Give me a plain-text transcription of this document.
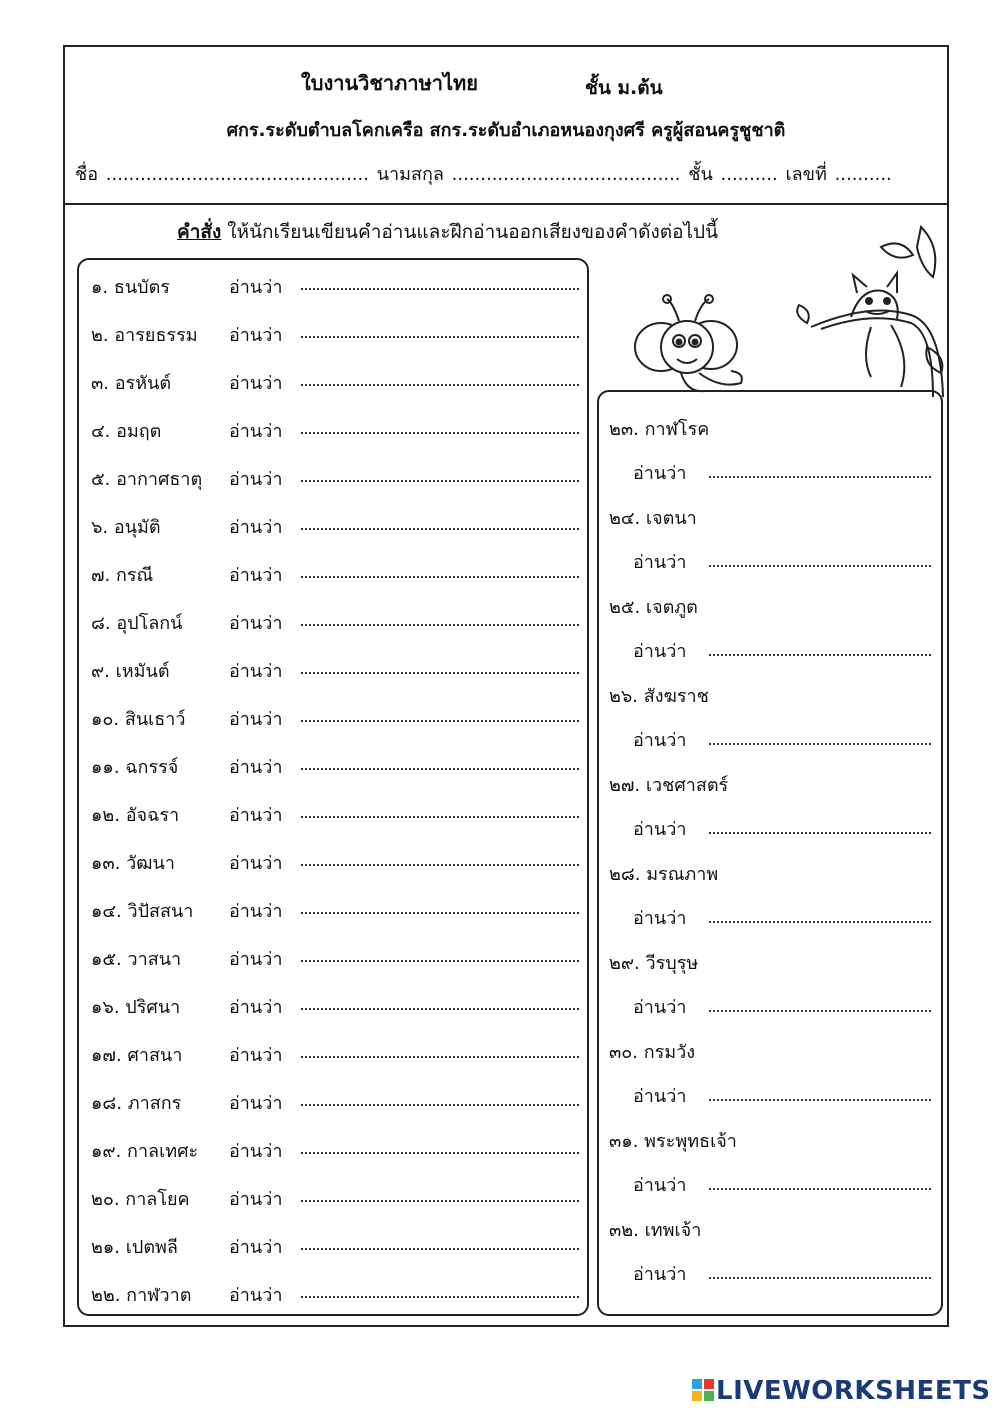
ใบงานวิชาภาษาไทย	ชั้น ม.ต้น
ศกร.ระดับตำบลโคกเครือ สกร.ระดับอำเภอหนองกุงศรี ครูผู้สอนครูชูชาติ
ชื่อ .............................................. นามสกุล ........................................ ชั้น .......... เลขที่ ..........
คำสั่ง ให้นักเรียนเขียนคำอ่านและฝึกอ่านออกเสียงของคำดังต่อไปนี้
๑. ธนบัตร	อ่านว่า
๒. อารยธรรม อ่านว่า
๓. อรหันต์	อ่านว่า
๔. อมฤต	อ่านว่า
๕. อากาศธาตุ อ่านว่า
๖. อนุมัติ	อ่านว่า
๗. กรณี	อ่านว่า
๘. อุปโลกน์	อ่านว่า
๙. เหมันต์	อ่านว่า
๑๐. สินเธาว์ อ่านว่า
๑๑. ฉกรรจ์	อ่านว่า
๑๒. อัจฉรา	อ่านว่า
๑๓. วัฒนา	อ่านว่า
๑๔. วิปัสสนา อ่านว่า
๑๕. วาสนา	อ่านว่า
๑๖. ปริศนา	อ่านว่า
๑๗. ศาสนา	อ่านว่า
๑๘. ภาสกร	อ่านว่า
๑๙. กาลเทศะ อ่านว่า
๒๐. กาลโยค อ่านว่า
๒๑. เปตพลี	อ่านว่า
๒๒. กาฬวาต อ่านว่า
๒๓. กาฬโรค
อ่านว่า
๒๔. เจตนา
อ่านว่า
๒๕. เจตภูต
อ่านว่า
๒๖. สังฆราช
อ่านว่า
๒๗. เวชศาสตร์
อ่านว่า
๒๘. มรณภาพ
อ่านว่า
๒๙. วีรบุรุษ
อ่านว่า
๓๐. กรมวัง
อ่านว่า
๓๑. พระพุทธเจ้า
อ่านว่า
๓๒. เทพเจ้า
อ่านว่า
LIVEWORKSHEETS
